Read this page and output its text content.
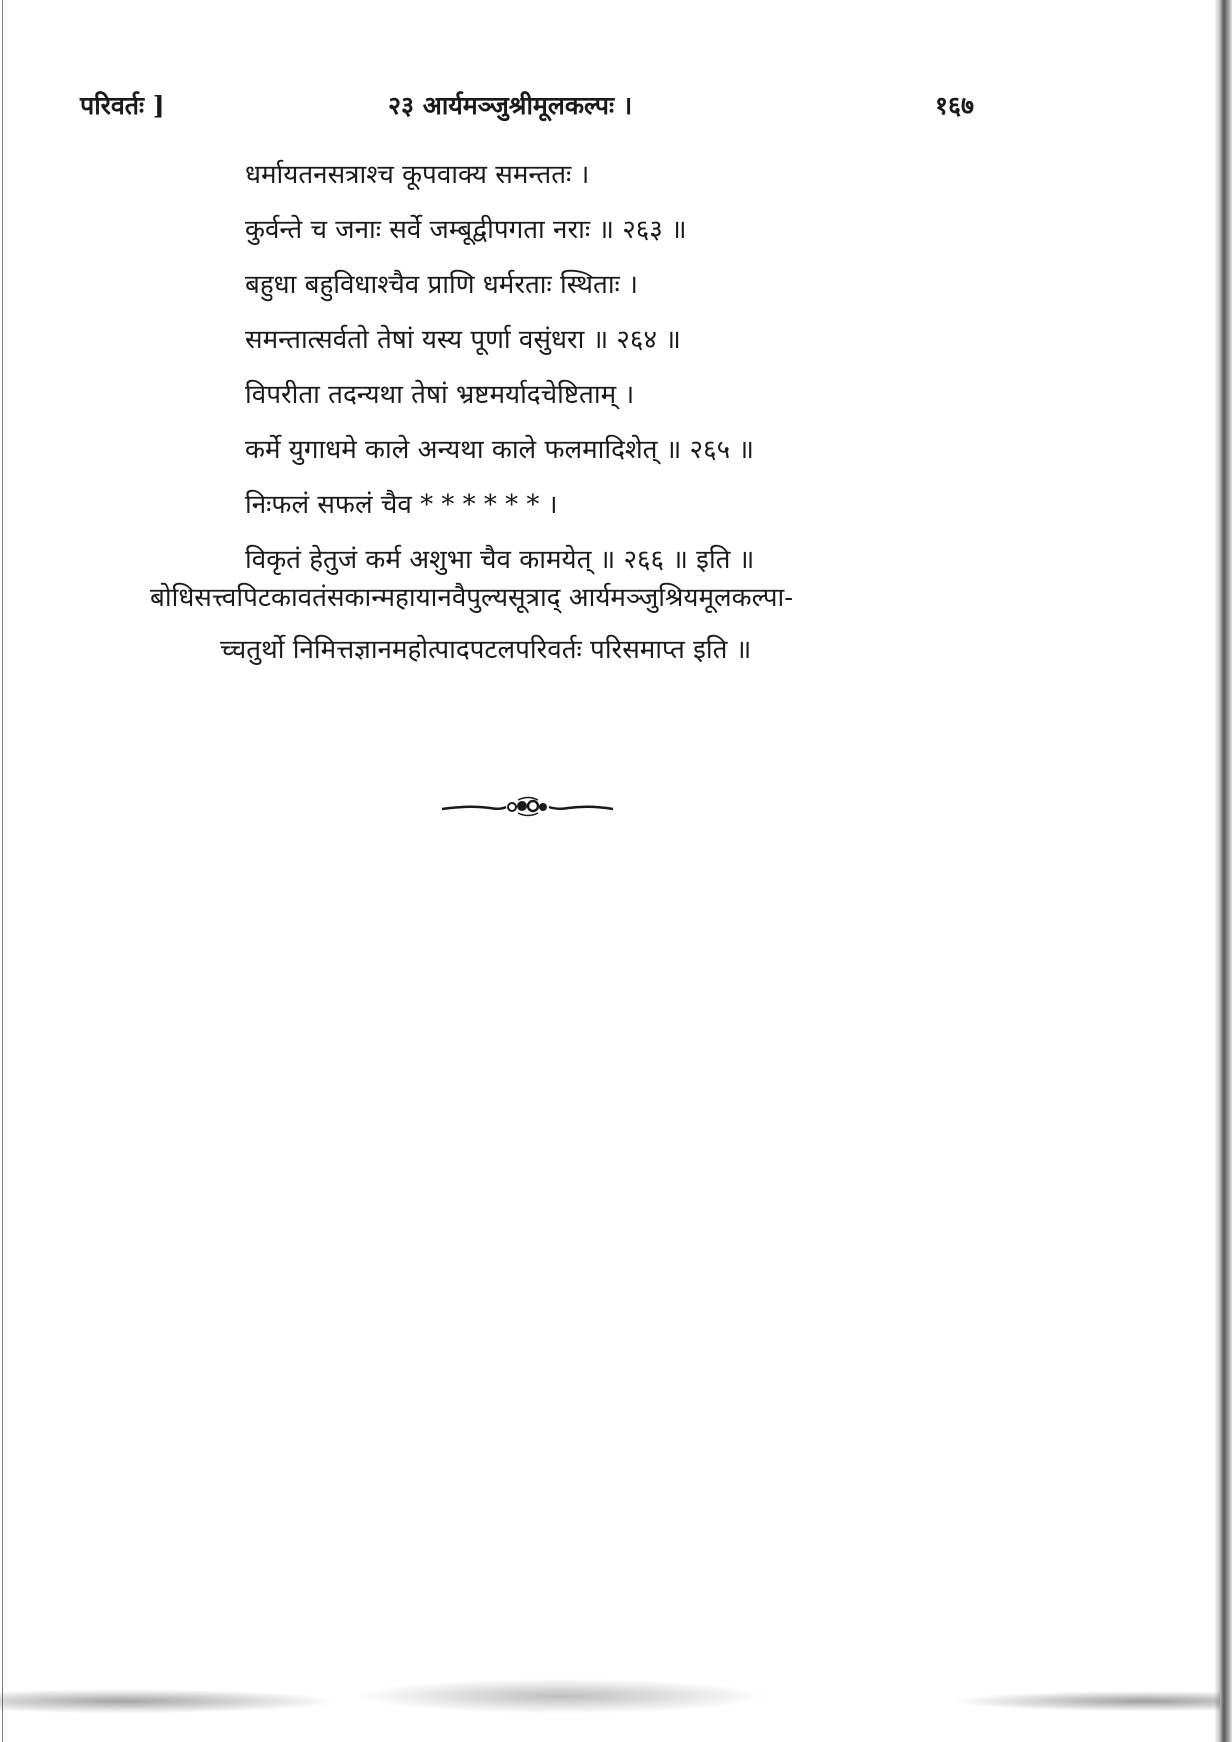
परिवर्तः ]	२३ आर्यमञ्जुश्रीमूलकल्पः ।	१६७
धर्मायतनसत्राश्च कूपवाक्य समन्ततः ।
कुर्वन्ते च जनाः सर्वे जम्बूद्वीपगता नराः ॥ २६३ ॥
बहुधा बहुविधाश्चैव प्राणि धर्मरताः स्थिताः ।
समन्तात्सर्वतो तेषां यस्य पूर्णा वसुंधरा ॥ २६४ ॥
विपरीता तदन्यथा तेषां भ्रष्टमर्यादचेष्टिताम् ।
कर्मे युगाधमे काले अन्यथा काले फलमादिशेत् ॥ २६५ ॥
निःफलं सफलं चैव * * * * * * ।
विकृतं हेतुजं कर्म अशुभा चैव कामयेत् ॥ २६६ ॥ इति ॥
बोधिसत्त्वपिटकावतंसकान्महायानवैपुल्यसूत्राद् आर्यमञ्जुश्रियमूलकल्पा-
च्चतुर्थो निमित्तज्ञानमहोत्पादपटलपरिवर्तः परिसमाप्त इति ॥
